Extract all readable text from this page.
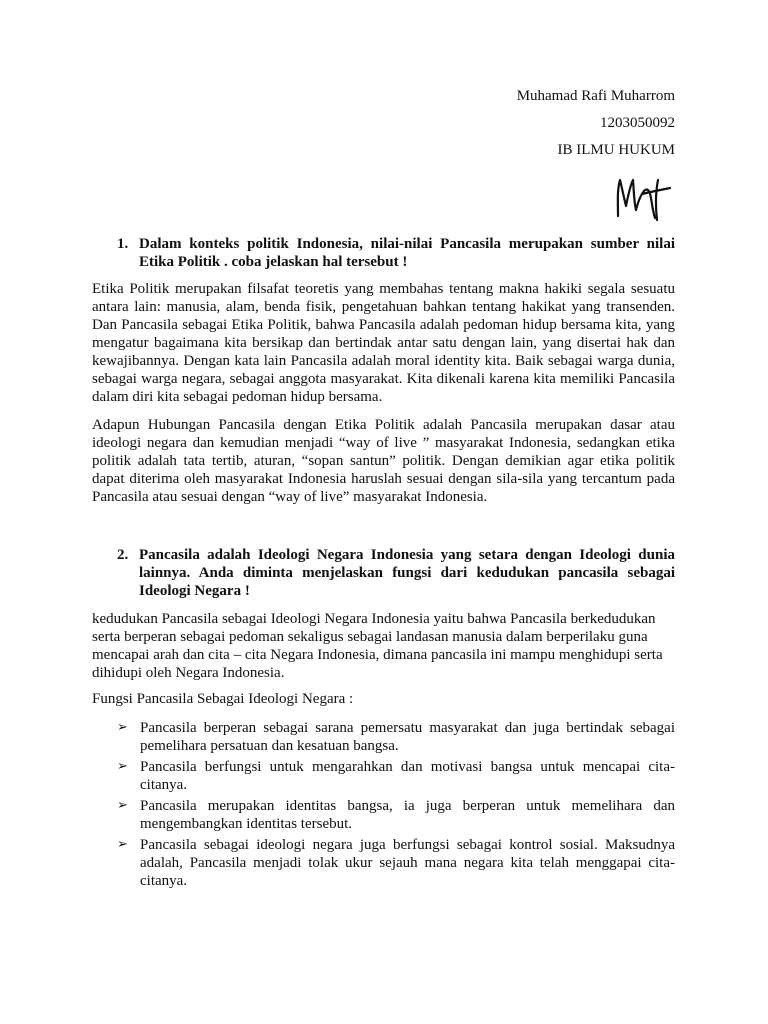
Muhamad Rafi Muharrom
1203050092
IB ILMU HUKUM
1. Dalam konteks politik Indonesia, nilai-nilai Pancasila merupakan sumber nilai Etika Politik . coba jelaskan hal tersebut !
Etika Politik merupakan filsafat teoretis yang membahas tentang makna hakiki segala sesuatu antara lain: manusia, alam, benda fisik, pengetahuan bahkan tentang hakikat yang transenden. Dan Pancasila sebagai Etika Politik, bahwa Pancasila adalah pedoman hidup bersama kita, yang mengatur bagaimana kita bersikap dan bertindak antar satu dengan lain, yang disertai hak dan kewajibannya. Dengan kata lain Pancasila adalah moral identity kita. Baik sebagai warga dunia, sebagai warga negara, sebagai anggota masyarakat. Kita dikenali karena kita memiliki Pancasila dalam diri kita sebagai pedoman hidup bersama.
Adapun Hubungan Pancasila dengan Etika Politik adalah Pancasila merupakan dasar atau ideologi negara dan kemudian menjadi “way of live ” masyarakat Indonesia, sedangkan etika politik adalah tata tertib, aturan, “sopan santun” politik. Dengan demikian agar etika politik dapat diterima oleh masyarakat Indonesia haruslah sesuai dengan sila-sila yang tercantum pada Pancasila atau sesuai dengan “way of live” masyarakat Indonesia.
2. Pancasila adalah Ideologi Negara Indonesia yang setara dengan Ideologi dunia lainnya. Anda diminta menjelaskan fungsi dari kedudukan pancasila sebagai Ideologi Negara !
kedudukan Pancasila sebagai Ideologi Negara Indonesia yaitu bahwa Pancasila berkedudukan serta berperan sebagai pedoman sekaligus sebagai landasan manusia dalam berperilaku guna mencapai arah dan cita – cita Negara Indonesia, dimana pancasila ini mampu menghidupi serta dihidupi oleh Negara Indonesia.
Fungsi Pancasila Sebagai Ideologi Negara :
➢ Pancasila berperan sebagai sarana pemersatu masyarakat dan juga bertindak sebagai pemelihara persatuan dan kesatuan bangsa.
➢ Pancasila berfungsi untuk mengarahkan dan motivasi bangsa untuk mencapai cita-citanya.
➢ Pancasila merupakan identitas bangsa, ia juga berperan untuk memelihara dan mengembangkan identitas tersebut.
➢ Pancasila sebagai ideologi negara juga berfungsi sebagai kontrol sosial. Maksudnya adalah, Pancasila menjadi tolak ukur sejauh mana negara kita telah menggapai cita-citanya.
